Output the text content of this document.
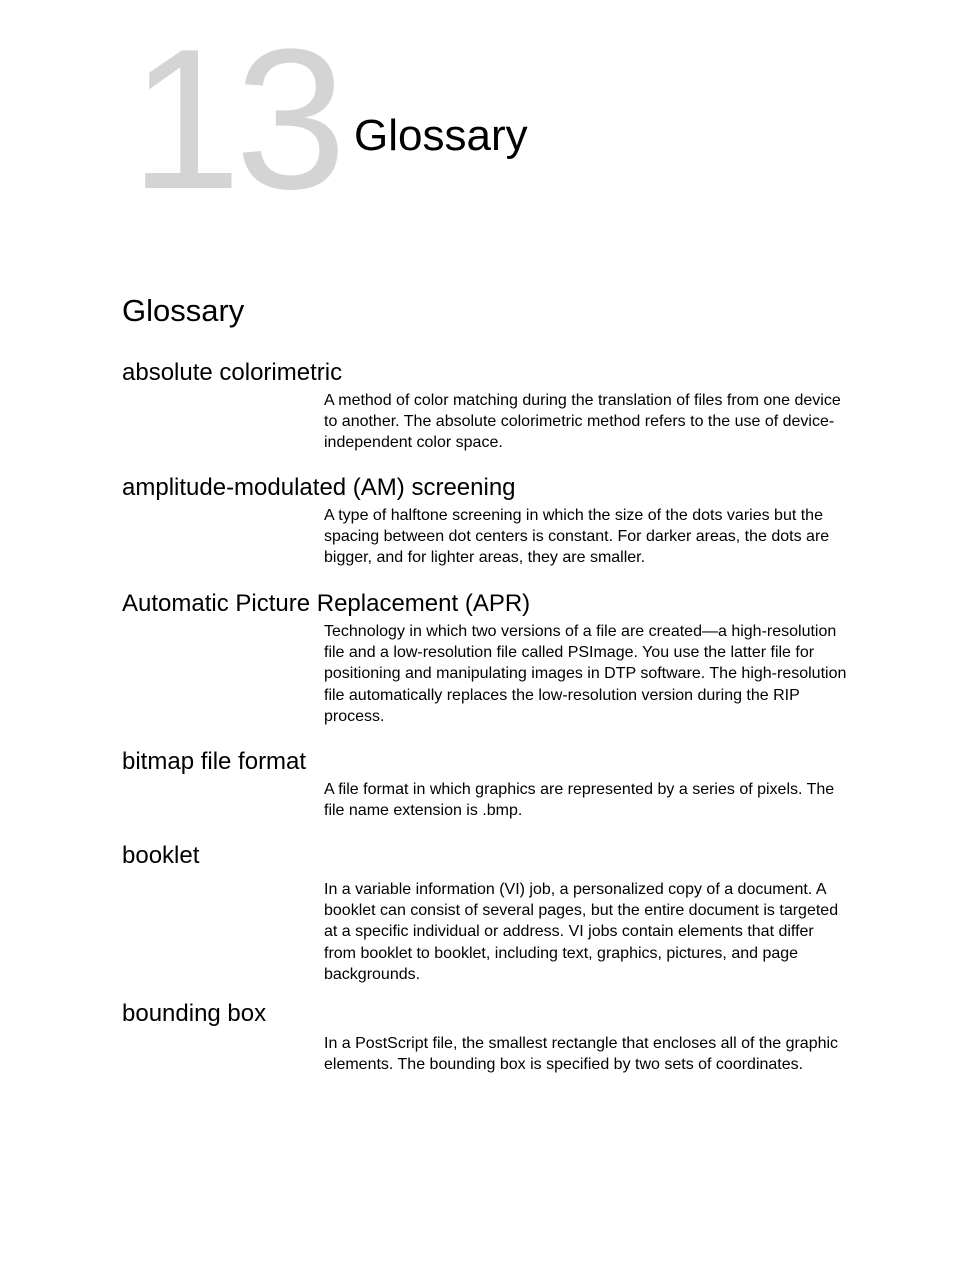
13 Glossary
Glossary

absolute colorimetric

A method of color matching during the translation of files from one device to another. The absolute colorimetric method refers to the use of device-independent color space.

amplitude-modulated (AM) screening

A type of halftone screening in which the size of the dots varies but the spacing between dot centers is constant. For darker areas, the dots are bigger, and for lighter areas, they are smaller.

Automatic Picture Replacement (APR)

Technology in which two versions of a file are created—a high-resolution file and a low-resolution file called PSImage. You use the latter file for positioning and manipulating images in DTP software. The high-resolution file automatically replaces the low-resolution version during the RIP process.

bitmap file format

A file format in which graphics are represented by a series of pixels. The file name extension is .bmp.

booklet

In a variable information (VI) job, a personalized copy of a document. A booklet can consist of several pages, but the entire document is targeted at a specific individual or address. VI jobs contain elements that differ from booklet to booklet, including text, graphics, pictures, and page backgrounds.

bounding box

In a PostScript file, the smallest rectangle that encloses all of the graphic elements. The bounding box is specified by two sets of coordinates.
